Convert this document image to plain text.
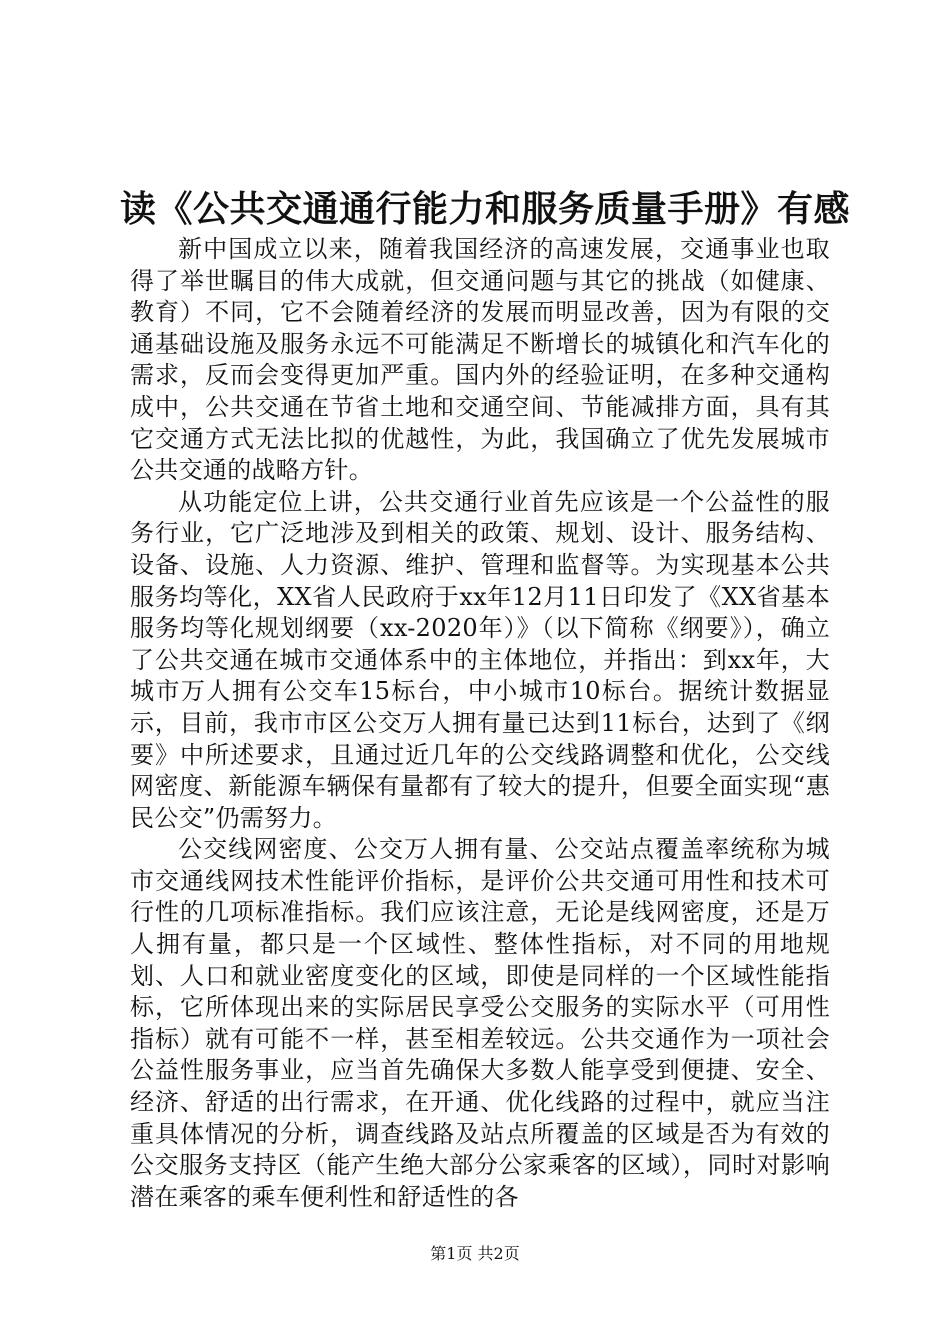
读《公共交通通行能力和服务质量手册》有感

新中国成立以来，随着我国经济的高速发展，交通事业也取得了举世瞩目的伟大成就，但交通问题与其它的挑战（如健康、教育）不同，它不会随着经济的发展而明显改善，因为有限的交通基础设施及服务永远不可能满足不断增长的城镇化和汽车化的需求，反而会变得更加严重。国内外的经验证明，在多种交通构成中，公共交通在节省土地和交通空间、节能减排方面，具有其它交通方式无法比拟的优越性，为此，我国确立了优先发展城市公共交通的战略方针。

从功能定位上讲，公共交通行业首先应该是一个公益性的服务行业，它广泛地涉及到相关的政策、规划、设计、服务结构、设备、设施、人力资源、维护、管理和监督等。为实现基本公共服务均等化，XX省人民政府于xx年12月11日印发了《XX省基本服务均等化规划纲要（xx-2020年）》（以下简称《纲要》），确立了公共交通在城市交通体系中的主体地位，并指出：到xx年，大城市万人拥有公交车15标台，中小城市10标台。据统计数据显示，目前，我市市区公交万人拥有量已达到11标台，达到了《纲要》中所述要求，且通过近几年的公交线路调整和优化，公交线网密度、新能源车辆保有量都有了较大的提升，但要全面实现“惠民公交”仍需努力。

公交线网密度、公交万人拥有量、公交站点覆盖率统称为城市交通线网技术性能评价指标，是评价公共交通可用性和技术可行性的几项标准指标。我们应该注意，无论是线网密度，还是万人拥有量，都只是一个区域性、整体性指标，对不同的用地规划、人口和就业密度变化的区域，即使是同样的一个区域性能指标，它所体现出来的实际居民享受公交服务的实际水平（可用性指标）就有可能不一样，甚至相差较远。公共交通作为一项社会公益性服务事业，应当首先确保大多数人能享受到便捷、安全、经济、舒适的出行需求，在开通、优化线路的过程中，就应当注重具体情况的分析，调查线路及站点所覆盖的区域是否为有效的公交服务支持区（能产生绝大部分公家乘客的区域），同时对影响潜在乘客的乘车便利性和舒适性的各

第1页 共2页
